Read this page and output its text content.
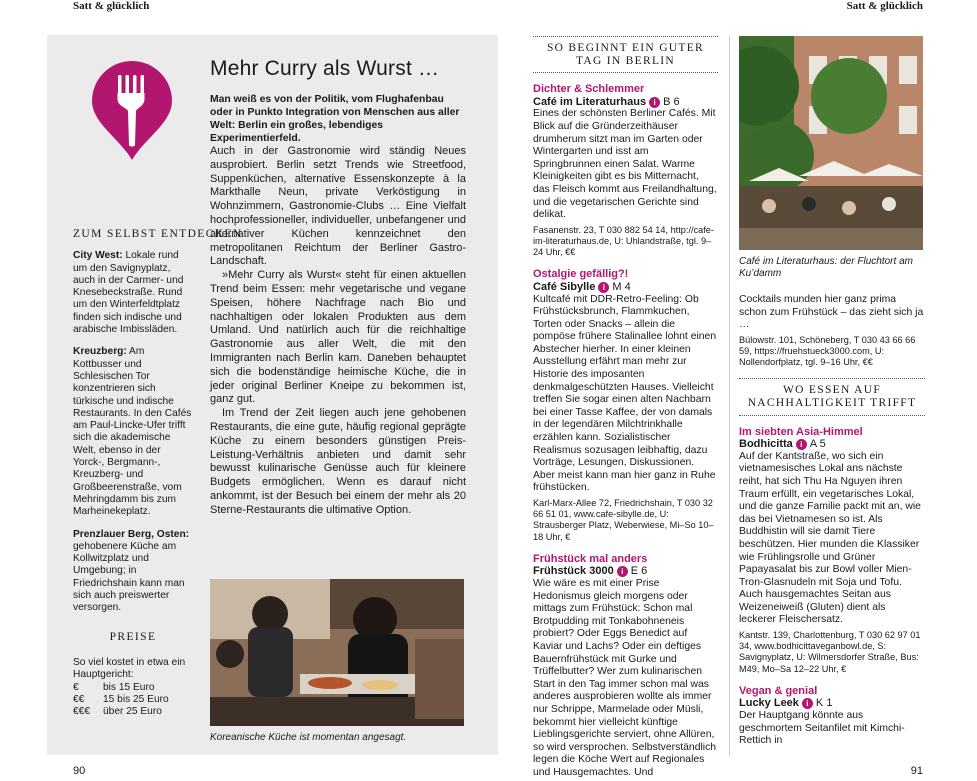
Satt & glücklich	Satt & glücklich
ZUM SELBST ENTDECKEN

City West: Lokale rund um den Savignyplatz, auch in der Carmer- und Knesebeckstraße. Rund um den Winterfeldtplatz finden sich indische und arabische Imbissläden.

Kreuzberg: Am Kottbusser und Schlesischen Tor konzentrieren sich türkische und indische Restaurants. In den Cafés am Paul-Lincke-Ufer trifft sich die akademische Welt, ebenso in der Yorck-, Bergmann-, Kreuzberg- und Großbeerenstraße, vom Mehringdamm bis zum Marheinekeplatz.

Prenzlauer Berg, Osten: gehobenere Küche am Kollwitzplatz und Umgebung; in Friedrichshain kann man sich auch preiswerter versorgen.

PREISE
So viel kostet in etwa ein Hauptgericht:
€	bis 15 Euro
€€	15 bis 25 Euro
€€€	über 25 Euro
Mehr Curry als Wurst …
Man weiß es von der Politik, vom Flughafenbau oder in Punkto Integration von Menschen aus aller Welt: Berlin ein großes, lebendiges Experimentierfeld.

Auch in der Gastronomie wird ständig Neues ausprobiert. Berlin setzt Trends wie Streetfood, Suppenküchen, alternative Essenskonzepte à la Markthalle Neun, private Verköstigung in Wohnzimmern, Gastronomie-Clubs … Eine Vielfalt hochprofessioneller, individueller, unbefangener und alternativer Küchen kennzeichnet den metropolitanen Reichtum der Berliner Gastro-Landschaft.

»Mehr Curry als Wurst« steht für einen aktuellen Trend beim Essen: mehr vegetarische und vegane Speisen, höhere Nachfrage nach Bio und nachhaltigen oder lokalen Produkten aus dem Umland. Und natürlich auch für die reichhaltige Gastronomie aus aller Welt, die mit den Immigranten nach Berlin kam. Daneben behauptet sich die bodenständige heimische Küche, die in jeder original Berliner Kneipe zu bekommen ist, ganz gut.

Im Trend der Zeit liegen auch jene gehobenen Restaurants, die eine gute, häufig regional geprägte Küche zu einem besonders günstigen Preis-Leistung-Verhältnis anbieten und damit sehr bewusst kulinarische Genüsse auch für kleinere Budgets ermöglichen. Wenn es darauf nicht ankommt, ist der Besuch bei einem der mehr als 20 Sterne-Restaurants die ultimative Option.

Koreanische Küche ist momentan angesagt.
90
SO BEGINNT EIN GUTER TAG IN BERLIN
Dichter & Schlemmer
Café im Literaturhaus i B 6
Eines der schönsten Berliner Cafés. Mit Blick auf die Gründerzeithäuser drumherum sitzt man im Garten oder Wintergarten und isst am Springbrunnen einen Salat. Warme Kleinigkeiten gibt es bis Mitternacht, das Fleisch kommt aus Freilandhaltung, und die vegetarischen Gerichte sind delikat.
Fasanenstr. 23, T 030 882 54 14, http://cafe-im-literaturhaus.de, U: Uhlandstraße, tgl. 9–24 Uhr, €€
Ostalgie gefällig?!
Café Sibylle i M 4
Kultcafé mit DDR-Retro-Feeling: Ob Frühstücksbrunch, Flammkuchen, Torten oder Snacks – allein die pompöse frühere Stalinallee lohnt einen Abstecher hierher. In einer kleinen Ausstellung erfährt man mehr zur Historie des imposanten denkmalgeschützten Hauses. Vielleicht treffen Sie sogar einen alten Nachbarn bei einer Tasse Kaffee, der von damals in der legendären Milchtrinkhalle erzählen kann. Sozialistischer Realismus sozusagen leibhaftig, dazu Vorträge, Lesungen, Diskussionen. Aber meist kann man hier ganz in Ruhe frühstücken.
Karl-Marx-Allee 72, Friedrichshain, T 030 32 66 51 01, www.cafe-sibylle.de, U: Strausberger Platz, Weberwiese, Mi–So 10–18 Uhr, €
Frühstück mal anders
Frühstück 3000 i E 6
Wie wäre es mit einer Prise Hedonismus gleich morgens oder mittags zum Frühstück: Schon mal Brotpudding mit Tonkabohneneis probiert? Oder Eggs Benedict auf Kaviar und Lachs? Oder ein deftiges Bauernfrühstück mit Gurke und Trüffelbutter? Wer zum kulinarischen Start in den Tag immer schon mal was anderes ausprobieren wollte als immer nur Schrippe, Marmelade oder Müsli, bekommt hier vielleicht künftige Lieblingsgerichte serviert, ohne Allüren, so wird versprochen. Selbstverständlich legen die Köche Wert auf Regionales und Hausgemachtes. Und
Café im Literaturhaus: der Fluchtort am Ku’damm
Cocktails munden hier ganz prima schon zum Frühstück – das zieht sich ja …
Bülowstr. 101, Schöneberg, T 030 43 66 66 59, https://fruehstueck3000.com, U: Nollendorfplatz, tgl. 9–16 Uhr, €€
WO ESSEN AUF NACHHALTIGKEIT TRIFFT
Im siebten Asia-Himmel
Bodhicitta i A 5
Auf der Kantstraße, wo sich ein vietnamesisches Lokal ans nächste reiht, hat sich Thu Ha Nguyen ihren Traum erfüllt, ein vegetarisches Lokal, und die ganze Familie packt mit an, wie das bei Vietnamesen so ist. Als Buddhistin will sie damit Tiere beschützen. Hier munden die Klassiker wie Frühlingsrolle und Grüner Papayasalat bis zur Bowl voller Mien-Tron-Glasnudeln mit Soja und Tofu. Auch hausgemachtes Seitan aus Weizeneiweiß (Gluten) dient als leckerer Fleischersatz.
Kantstr. 139, Charlottenburg, T 030 62 97 01 34, www.bodhicittaveganbowl.de, S: Savignyplatz, U: Wilmersdorfer Straße, Bus: M49, Mo–Sa 12–22 Uhr, €
Vegan & genial
Lucky Leek i K 1
Der Hauptgang könnte aus geschmortem Seitanfilet mit Kimchi-Rettich in
91
